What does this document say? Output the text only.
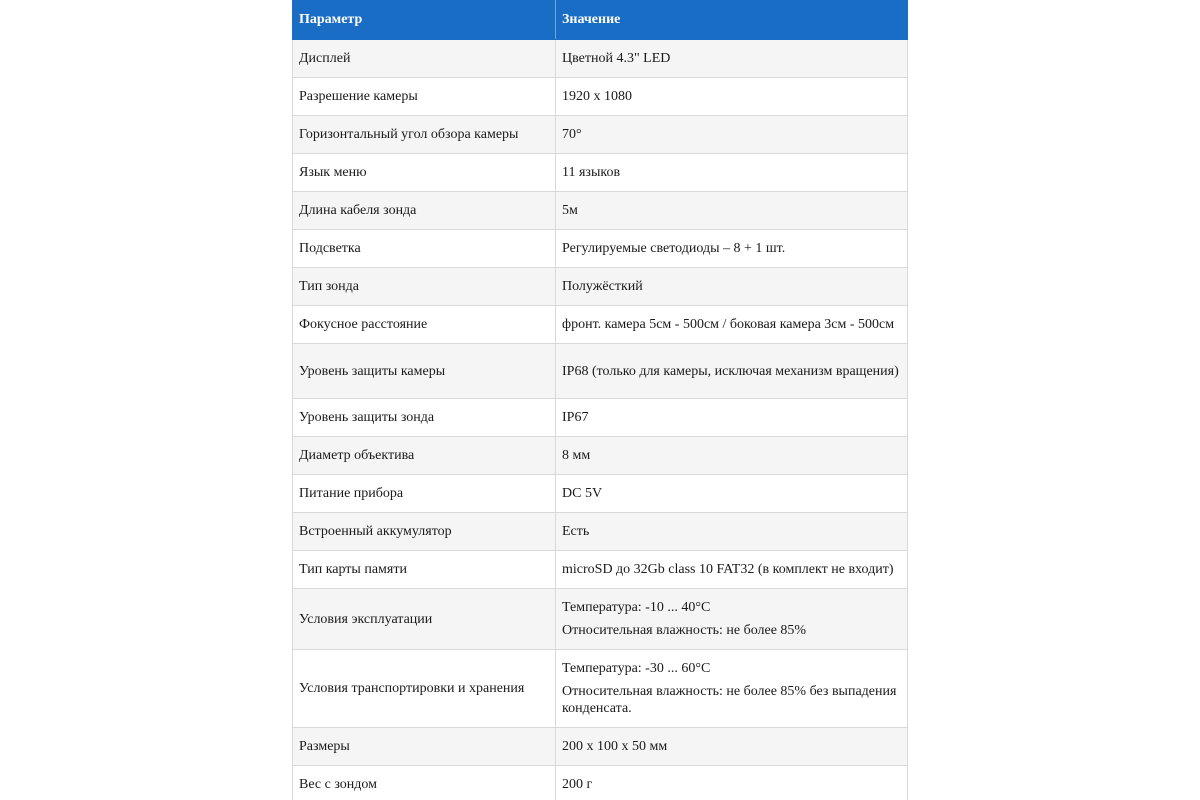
Параметр	Значение
Дисплей	Цветной 4.3" LED

Разрешение камеры	1920 х 1080

Горизонтальный угол обзора камеры	70°

Язык меню	11 языков

Длина кабеля зонда	5м

Подсветка	Регулируемые светодиоды – 8 + 1 шт.

Тип зонда	Полужёсткий

Фокусное расстояние	фронт. камера 5см - 500см / боковая камера 3см - 500см

Уровень защиты камеры	IP68 (только для камеры, исключая механизм вращения)

Уровень защиты зонда	IP67

Диаметр объектива	8 мм

Питание прибора	DC 5V

Встроенный аккумулятор	Есть

Тип карты памяти	microSD до 32Gb class 10 FAT32 (в комплект не входит)

Условия эксплуатации	Температура: -10 ... 40°C
Относительная влажность: не более 85%

Условия транспортировки и хранения	Температура: -30 ... 60°C
Относительная влажность: не более 85% без выпадения конденсата.

Размеры	200 х 100 х 50 мм

Вес с зондом	200 г
